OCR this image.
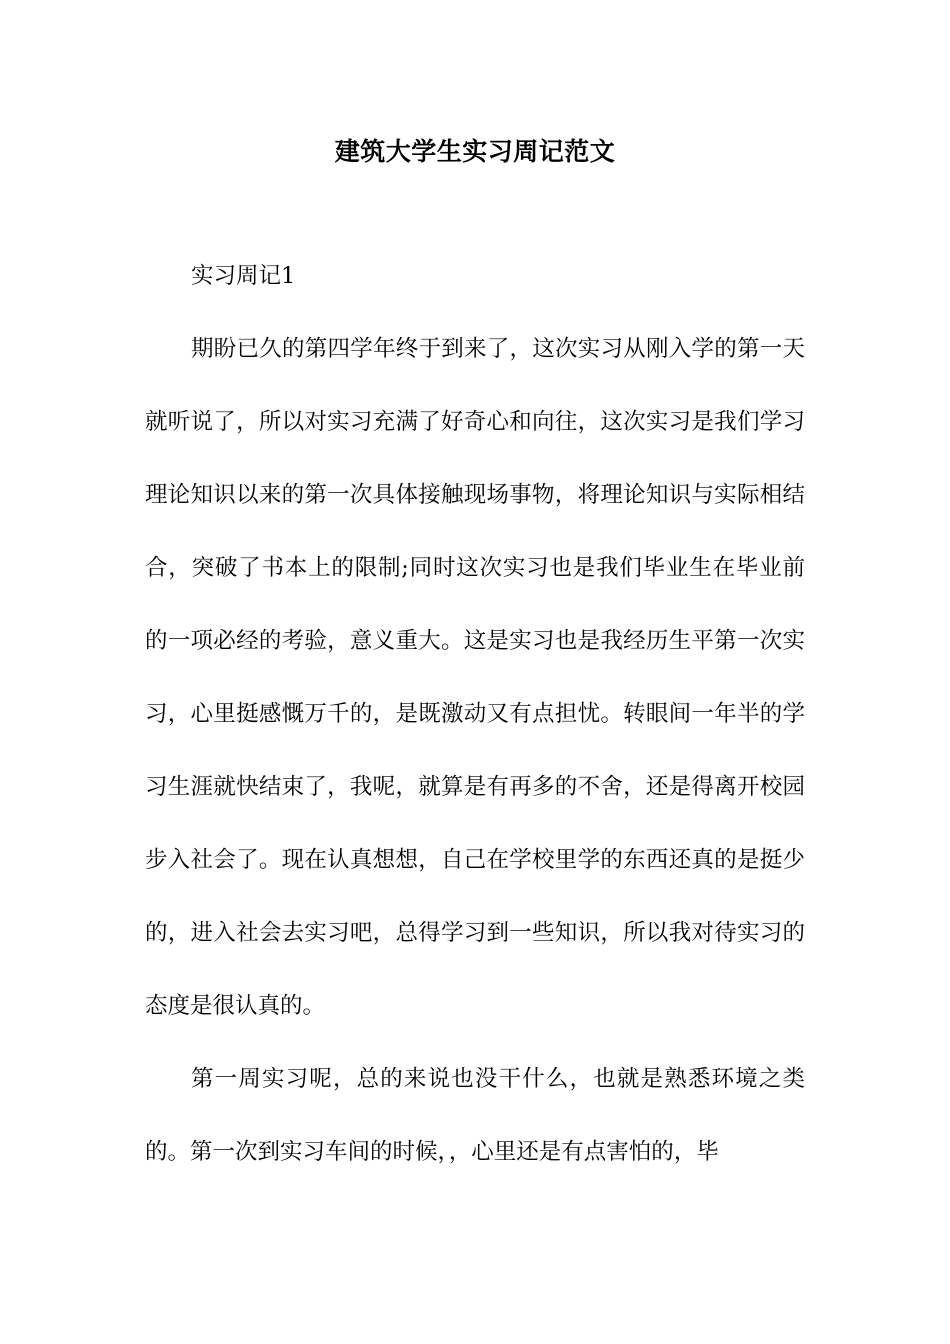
建筑大学生实习周记范文

实习周记1

期盼已久的第四学年终于到来了，这次实习从刚入学的第一天就听说了，所以对实习充满了好奇心和向往，这次实习是我们学习理论知识以来的第一次具体接触现场事物，将理论知识与实际相结合，突破了书本上的限制;同时这次实习也是我们毕业生在毕业前的一项必经的考验，意义重大。这是实习也是我经历生平第一次实习，心里挺感慨万千的，是既激动又有点担忧。转眼间一年半的学习生涯就快结束了，我呢，就算是有再多的不舍，还是得离开校园步入社会了。现在认真想想，自己在学校里学的东西还真的是挺少的，进入社会去实习吧，总得学习到一些知识，所以我对待实习的态度是很认真的。

第一周实习呢，总的来说也没干什么，也就是熟悉环境之类的。第一次到实习车间的时候，，心里还是有点害怕的，毕
